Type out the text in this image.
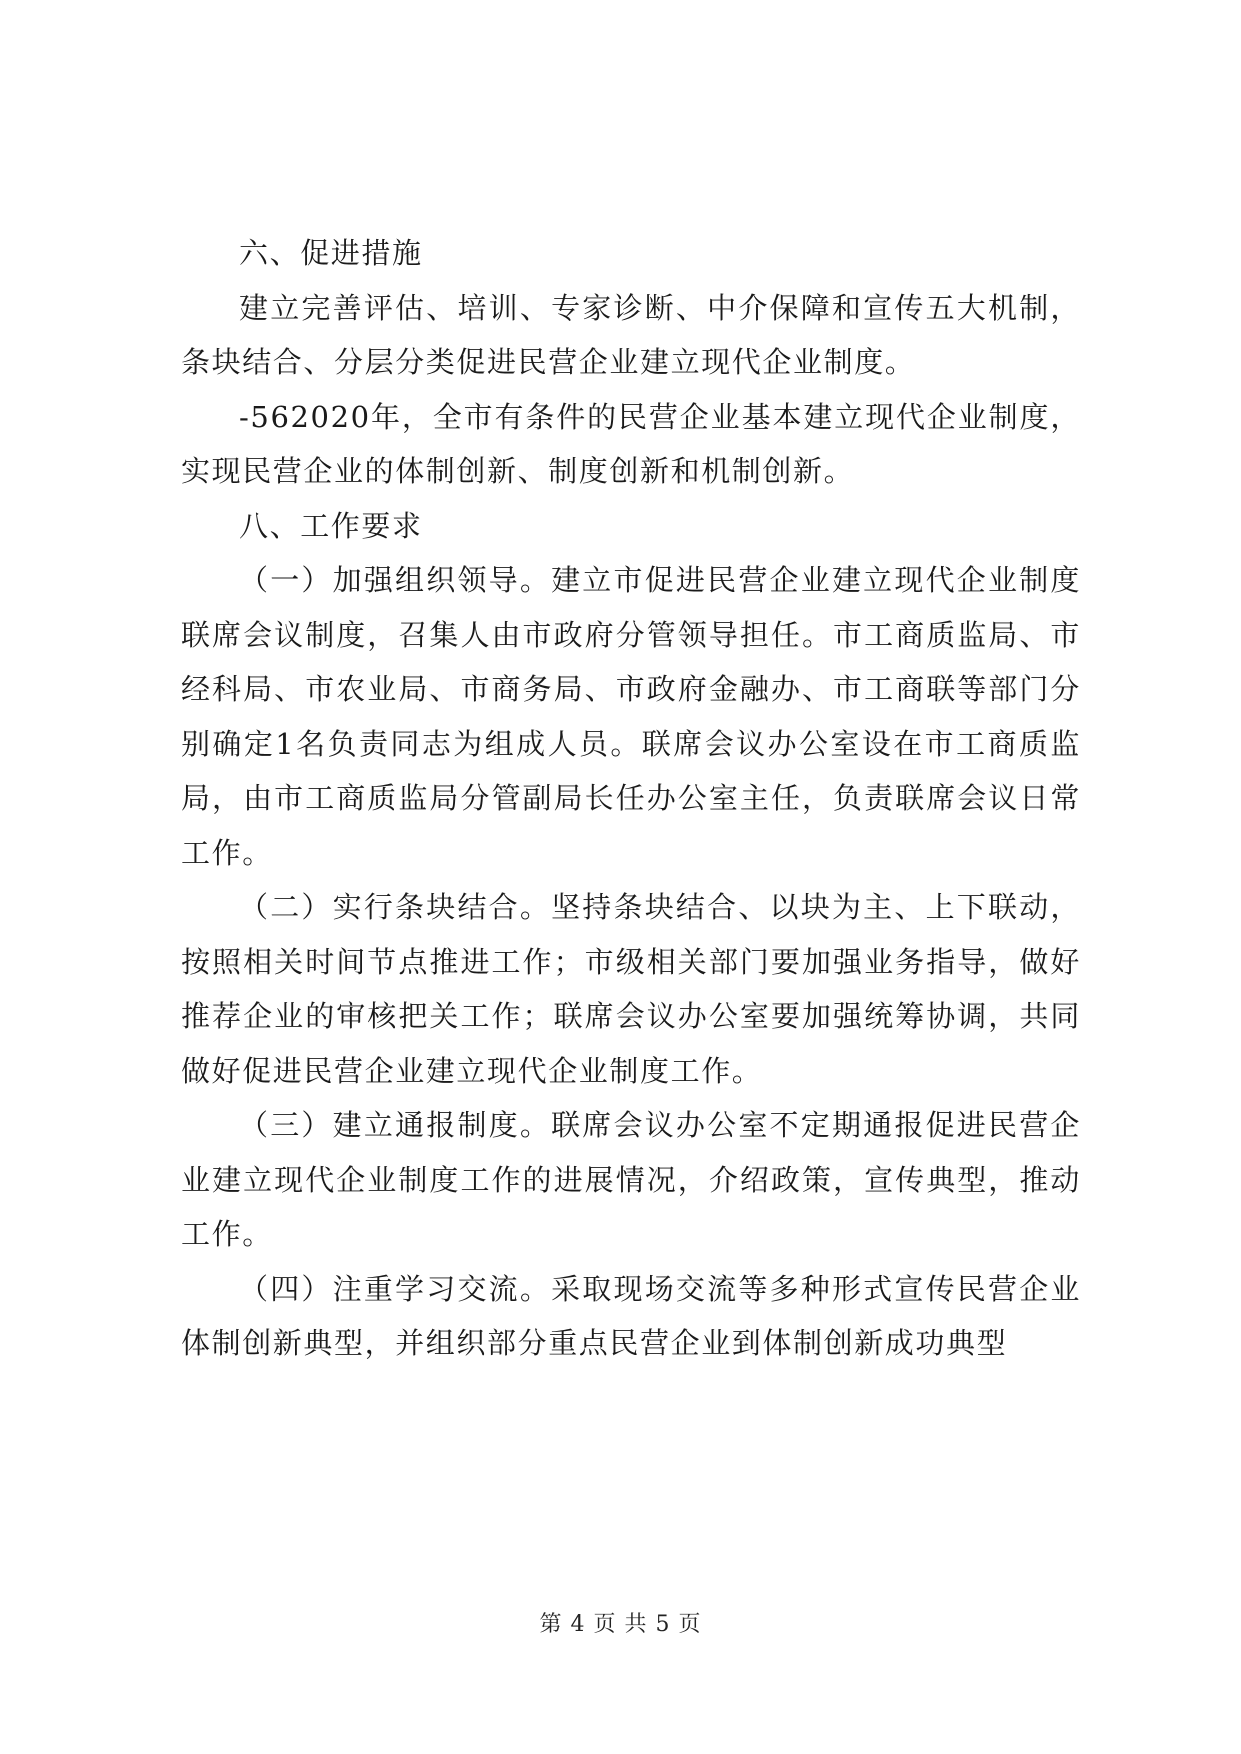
六、促进措施

建立完善评估、培训、专家诊断、中介保障和宣传五大机制，条块结合、分层分类促进民营企业建立现代企业制度。

-562020年，全市有条件的民营企业基本建立现代企业制度，实现民营企业的体制创新、制度创新和机制创新。

八、工作要求

（一）加强组织领导。建立市促进民营企业建立现代企业制度联席会议制度，召集人由市政府分管领导担任。市工商质监局、市经科局、市农业局、市商务局、市政府金融办、市工商联等部门分别确定1名负责同志为组成人员。联席会议办公室设在市工商质监局，由市工商质监局分管副局长任办公室主任，负责联席会议日常工作。

（二）实行条块结合。坚持条块结合、以块为主、上下联动，按照相关时间节点推进工作；市级相关部门要加强业务指导，做好推荐企业的审核把关工作；联席会议办公室要加强统筹协调，共同做好促进民营企业建立现代企业制度工作。

（三）建立通报制度。联席会议办公室不定期通报促进民营企业建立现代企业制度工作的进展情况，介绍政策，宣传典型，推动工作。

（四）注重学习交流。采取现场交流等多种形式宣传民营企业体制创新典型，并组织部分重点民营企业到体制创新成功典型

第 4 页 共 5 页
